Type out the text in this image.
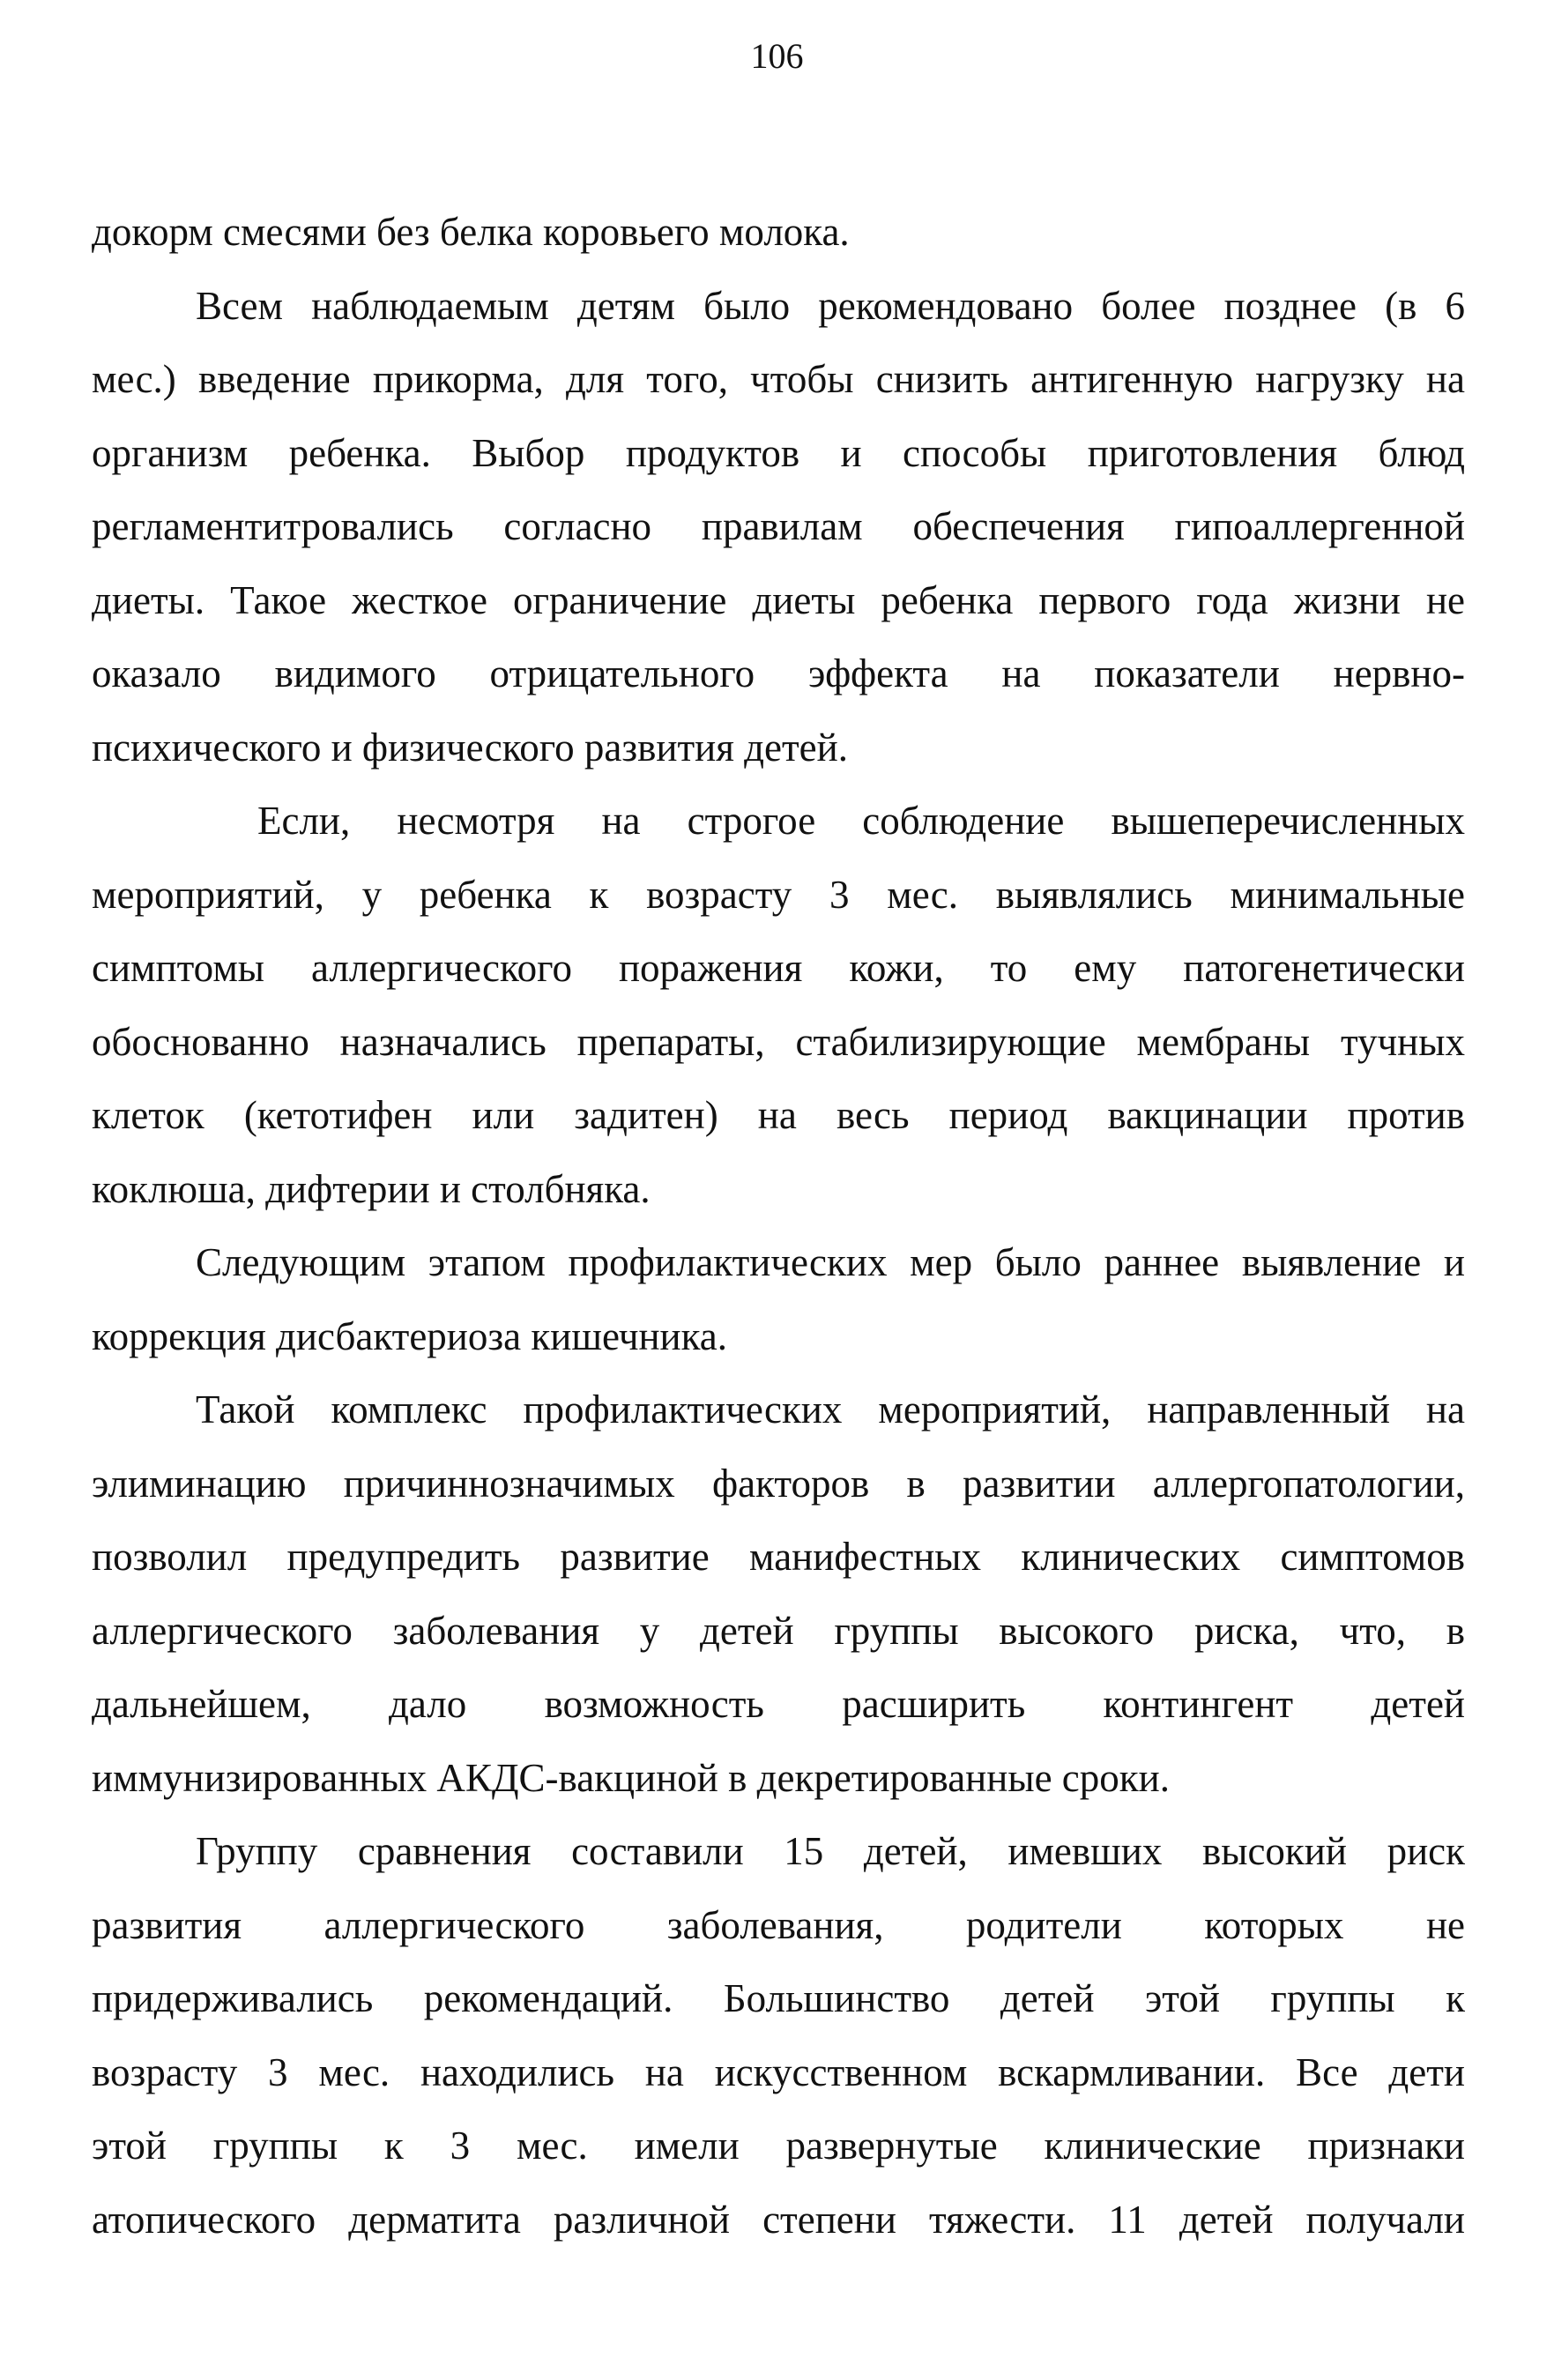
106
докорм смесями без белка коровьего молока.
Всем наблюдаемым детям было рекомендовано более позднее (в 6
мес.) введение прикорма, для того, чтобы снизить антигенную нагрузку на
организм ребенка. Выбор продуктов и способы приготовления блюд
регламентитровались согласно правилам обеспечения гипоаллергенной
диеты. Такое жесткое ограничение диеты ребенка первого года жизни не
оказало видимого отрицательного эффекта на показатели нервно-
психического и физического развития детей.
Если, несмотря на строгое соблюдение вышеперечисленных
мероприятий, у ребенка к возрасту 3 мес. выявлялись минимальные
симптомы аллергического поражения кожи, то ему патогенетически
обоснованно назначались препараты, стабилизирующие мембраны тучных
клеток (кетотифен или задитен) на весь период вакцинации против
коклюша, дифтерии и столбняка.
Следующим этапом профилактических мер было раннее выявление и
коррекция дисбактериоза кишечника.
Такой комплекс профилактических мероприятий, направленный на
элиминацию причиннозначимых факторов в развитии аллергопатологии,
позволил предупредить развитие манифестных клинических симптомов
аллергического заболевания у детей группы высокого риска, что, в
дальнейшем, дало возможность расширить контингент детей
иммунизированных АКДС-вакциной в декретированные сроки.
Группу сравнения составили 15 детей, имевших высокий риск
развития аллергического заболевания, родители которых не
придерживались рекомендаций. Большинство детей этой группы к
возрасту 3 мес. находились на искусственном вскармливании. Все дети
этой группы к 3 мес. имели развернутые клинические признаки
атопического дерматита различной степени тяжести. 11 детей получали
